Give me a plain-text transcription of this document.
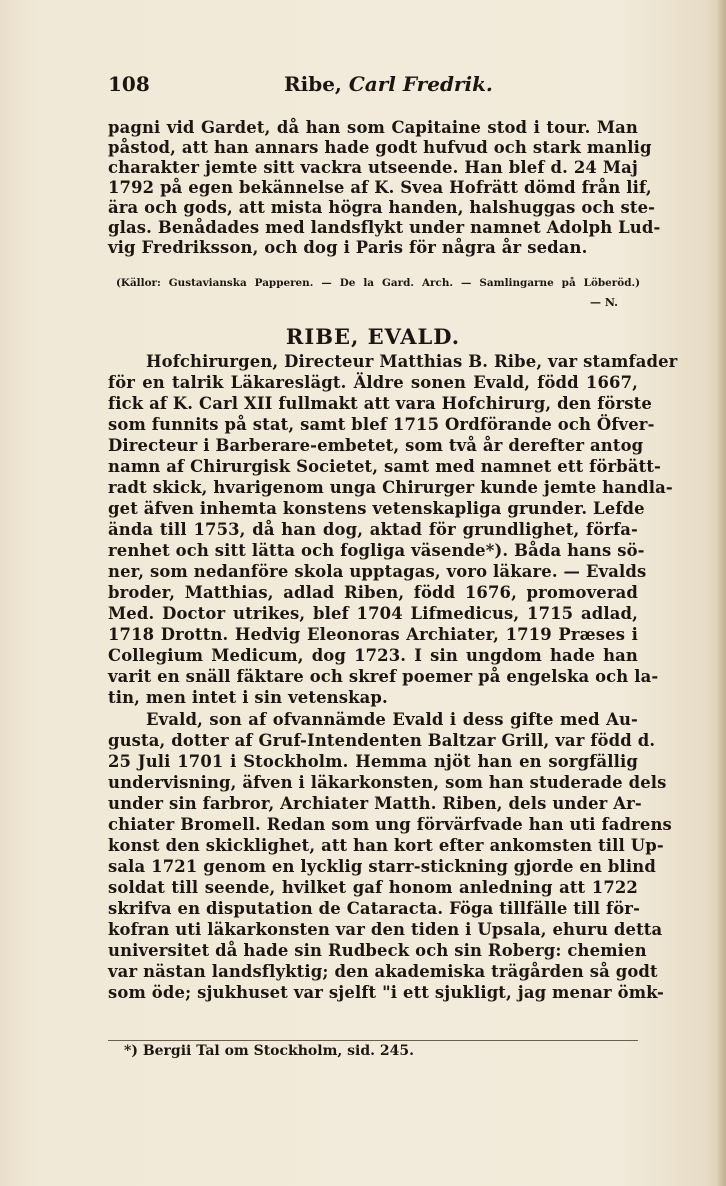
108	Ribe, Carl Fredrik.
pagni vid Gardet, då han som Capitaine stod i tour. Man
påstod, att han annars hade godt hufvud och stark manlig
charakter jemte sitt vackra utseende. Han blef d. 24 Maj
1792 på egen bekännelse af K. Svea Hofrätt dömd från lif,
ära och gods, att mista högra handen, halshuggas och ste-
glas. Benådades med landsflykt under namnet Adolph Lud-
vig Fredriksson, och dog i Paris för några år sedan.
(Källor: Gustavianska Papperen. — De la Gard. Arch. — Samlingarne på Löberöd.)
— N.
RIBE, EVALD.
Hofchirurgen, Directeur Matthias B. Ribe, var stamfader
för en talrik Läkareslägt. Äldre sonen Evald, född 1667,
fick af K. Carl XII fullmakt att vara Hofchirurg, den förste
som funnits på stat, samt blef 1715 Ordförande och Öfver-
Directeur i Barberare-embetet, som två år derefter antog
namn af Chirurgisk Societet, samt med namnet ett förbätt-
radt skick, hvarigenom unga Chirurger kunde jemte handla-
get äfven inhemta konstens vetenskapliga grunder. Lefde
ända till 1753, då han dog, aktad för grundlighet, förfa-
renhet och sitt lätta och fogliga väsende*). Båda hans sö-
ner, som nedanföre skola upptagas, voro läkare. — Evalds
broder, Matthias, adlad Riben, född 1676, promoverad
Med. Doctor utrikes, blef 1704 Lifmedicus, 1715 adlad,
1718 Drottn. Hedvig Eleonoras Archiater, 1719 Præses i
Collegium Medicum, dog 1723. I sin ungdom hade han
varit en snäll fäktare och skref poemer på engelska och la-
tin, men intet i sin vetenskap.
Evald, son af ofvannämde Evald i dess gifte med Au-
gusta, dotter af Gruf-Intendenten Baltzar Grill, var född d.
25 Juli 1701 i Stockholm. Hemma njöt han en sorgfällig
undervisning, äfven i läkarkonsten, som han studerade dels
under sin farbror, Archiater Matth. Riben, dels under Ar-
chiater Bromell. Redan som ung förvärfvade han uti fadrens
konst den skicklighet, att han kort efter ankomsten till Up-
sala 1721 genom en lycklig starr-stickning gjorde en blind
soldat till seende, hvilket gaf honom anledning att 1722
skrifva en disputation de Cataracta. Föga tillfälle till för-
kofran uti läkarkonsten var den tiden i Upsala, ehuru detta
universitet då hade sin Rudbeck och sin Roberg: chemien
var nästan landsflyktig; den akademiska trägården så godt
som öde; sjukhuset var sjelft "i ett sjukligt, jag menar ömk-
*) Bergii Tal om Stockholm, sid. 245.
